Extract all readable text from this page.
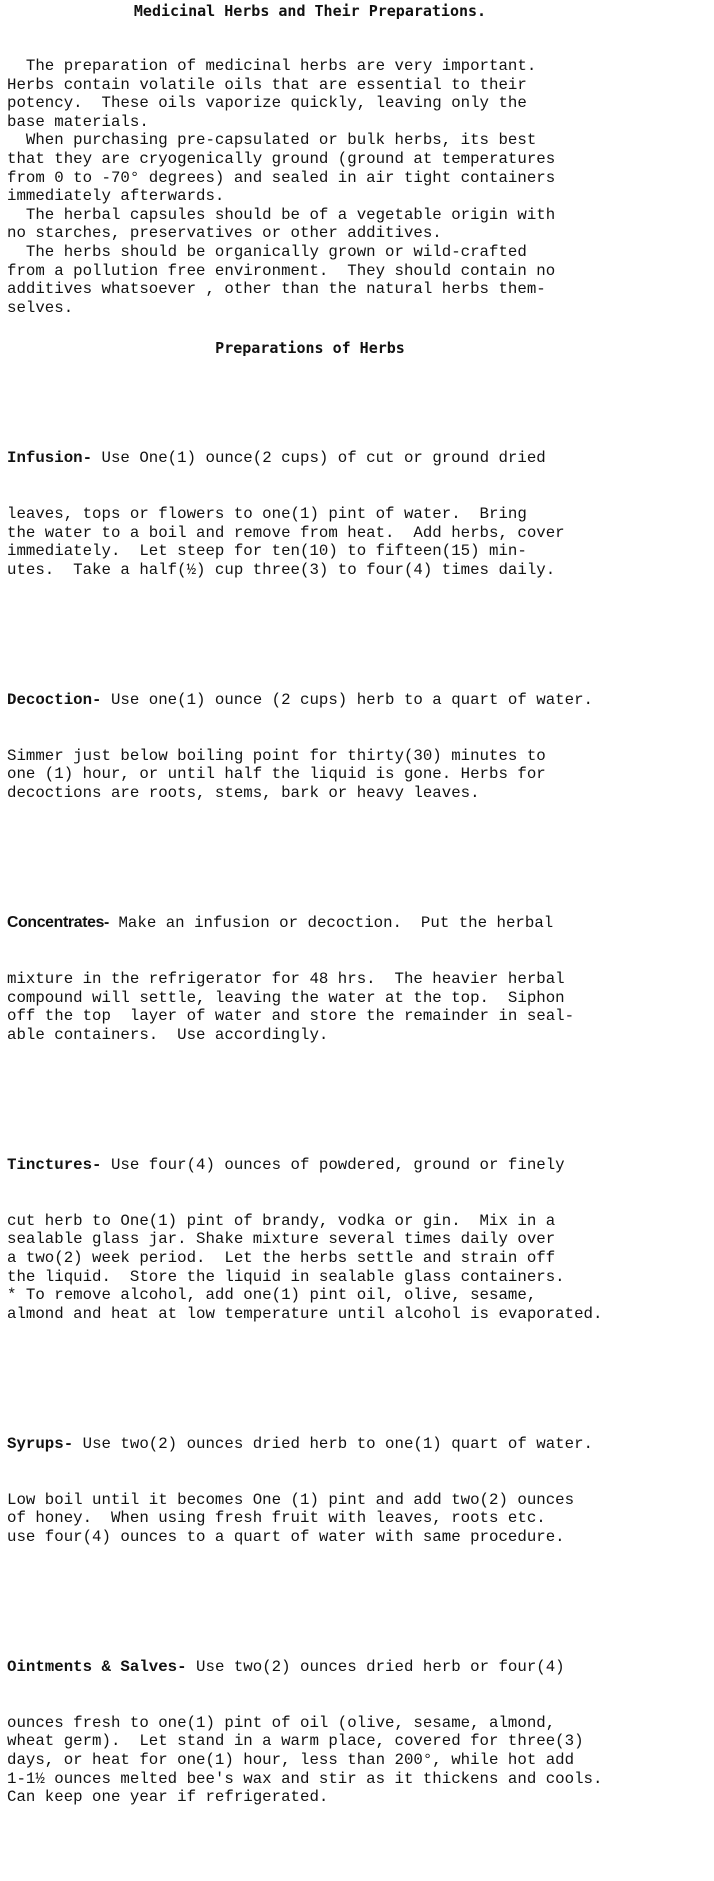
Medicinal Herbs and Their Preparations.
The preparation of medicinal herbs are very important.
Herbs contain volatile oils that are essential to their
potency.  These oils vaporize quickly, leaving only the
base materials.
When purchasing pre-capsulated or bulk herbs, its best
that they are cryogenically ground (ground at temperatures
from 0 to -70° degrees) and sealed in air tight containers
immediately afterwards.
The herbal capsules should be of a vegetable origin with
no starches, preservatives or other additives.
The herbs should be organically grown or wild-crafted
from a pollution free environment.  They should contain no
additives whatsoever , other than the natural herbs them-
selves.
Preparations of Herbs

Infusion- Use One(1) ounce(2 cups) of cut or ground dried

leaves, tops or flowers to one(1) pint of water.  Bring
the water to a boil and remove from heat.  Add herbs, cover
immediately.  Let steep for ten(10) to fifteen(15) min-
utes.  Take a half(½) cup three(3) to four(4) times daily.

Decoction- Use one(1) ounce (2 cups) herb to a quart of water.

Simmer just below boiling point for thirty(30) minutes to
one (1) hour, or until half the liquid is gone. Herbs for
decoctions are roots, stems, bark or heavy leaves.

Concentrates- Make an infusion or decoction.  Put the herbal

mixture in the refrigerator for 48 hrs.  The heavier herbal
compound will settle, leaving the water at the top.  Siphon
off the top  layer of water and store the remainder in seal-
able containers.  Use accordingly.

Tinctures- Use four(4) ounces of powdered, ground or finely

cut herb to One(1) pint of brandy, vodka or gin.  Mix in a
sealable glass jar. Shake mixture several times daily over
a two(2) week period.  Let the herbs settle and strain off
the liquid.  Store the liquid in sealable glass containers.
* To remove alcohol, add one(1) pint oil, olive, sesame,
almond and heat at low temperature until alcohol is evaporated.

Syrups- Use two(2) ounces dried herb to one(1) quart of water.

Low boil until it becomes One (1) pint and add two(2) ounces
of honey.  When using fresh fruit with leaves, roots etc.
use four(4) ounces to a quart of water with same procedure.

Ointments & Salves- Use two(2) ounces dried herb or four(4)

ounces fresh to one(1) pint of oil (olive, sesame, almond,
wheat germ).  Let stand in a warm place, covered for three(3)
days, or heat for one(1) hour, less than 200°, while hot add
1-1½ ounces melted bee's wax and stir as it thickens and cools.
Can keep one year if refrigerated.
